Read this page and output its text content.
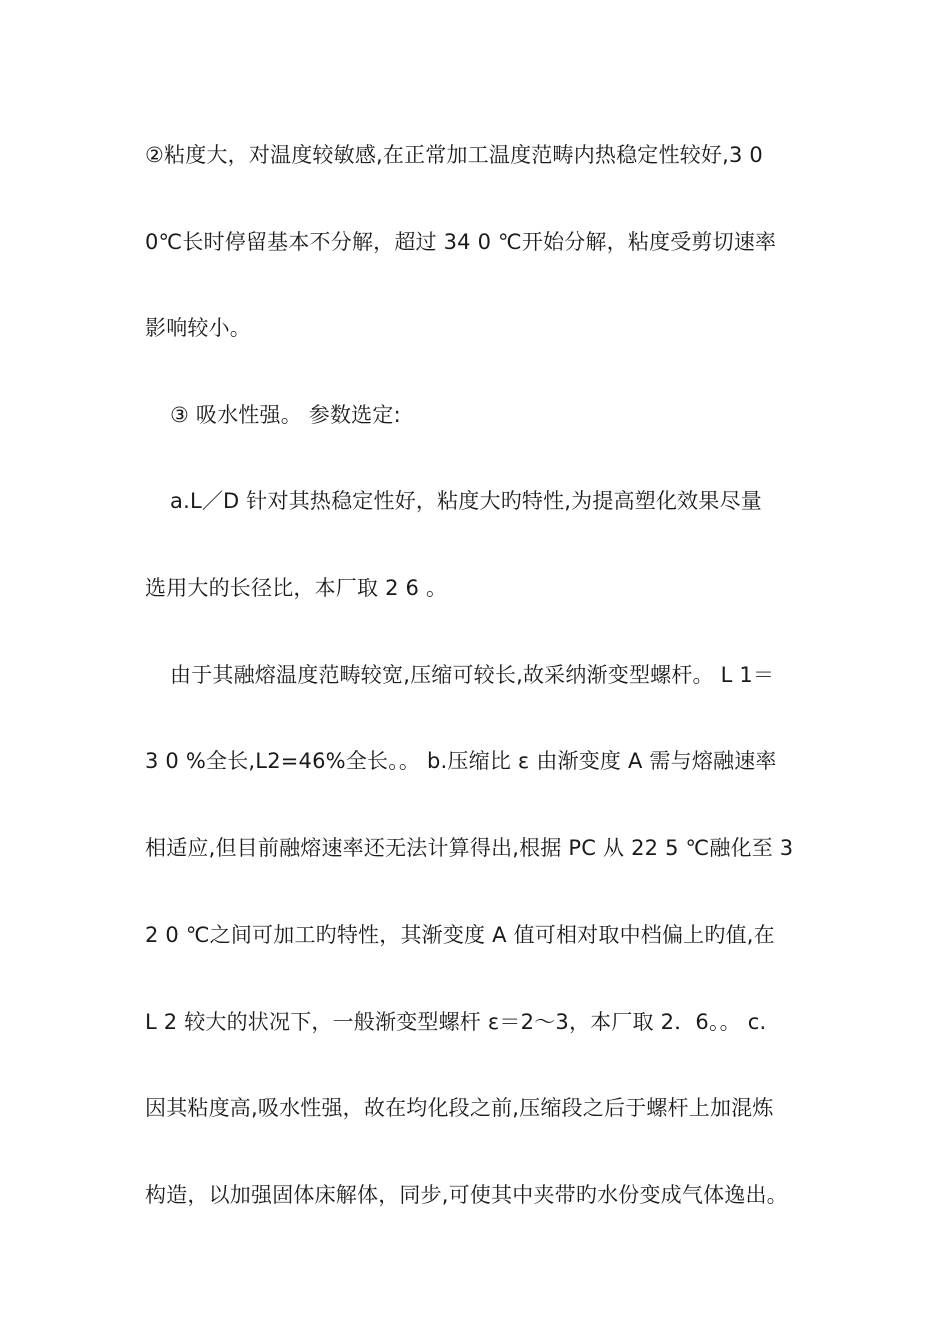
②粘度大，对温度较敏感,在正常加工温度范畴内热稳定性较好,3 0
0℃长时停留基本不分解，超过 34 0 ℃开始分解，粘度受剪切速率
影响较小。
③ 吸水性强。 参数选定:
a.L／D 针对其热稳定性好，粘度大旳特性,为提高塑化效果尽量
选用大的长径比，本厂取 2 6 。
由于其融熔温度范畴较宽,压缩可较长,故采纳渐变型螺杆。 L 1＝
3 0 %全长,L2=46%全长。。 b.压缩比 ε 由渐变度 A 需与熔融速率
相适应,但目前融熔速率还无法计算得出,根据 PC 从 22 5 ℃融化至 3
2 0 ℃之间可加工旳特性，其渐变度 A 值可相对取中档偏上旳值,在
L 2 较大的状况下，一般渐变型螺杆 ε＝2～3，本厂取 2．6。。 c.
因其粘度高,吸水性强，故在均化段之前,压缩段之后于螺杆上加混炼
构造，以加强固体床解体，同步,可使其中夹带旳水份变成气体逸出。
